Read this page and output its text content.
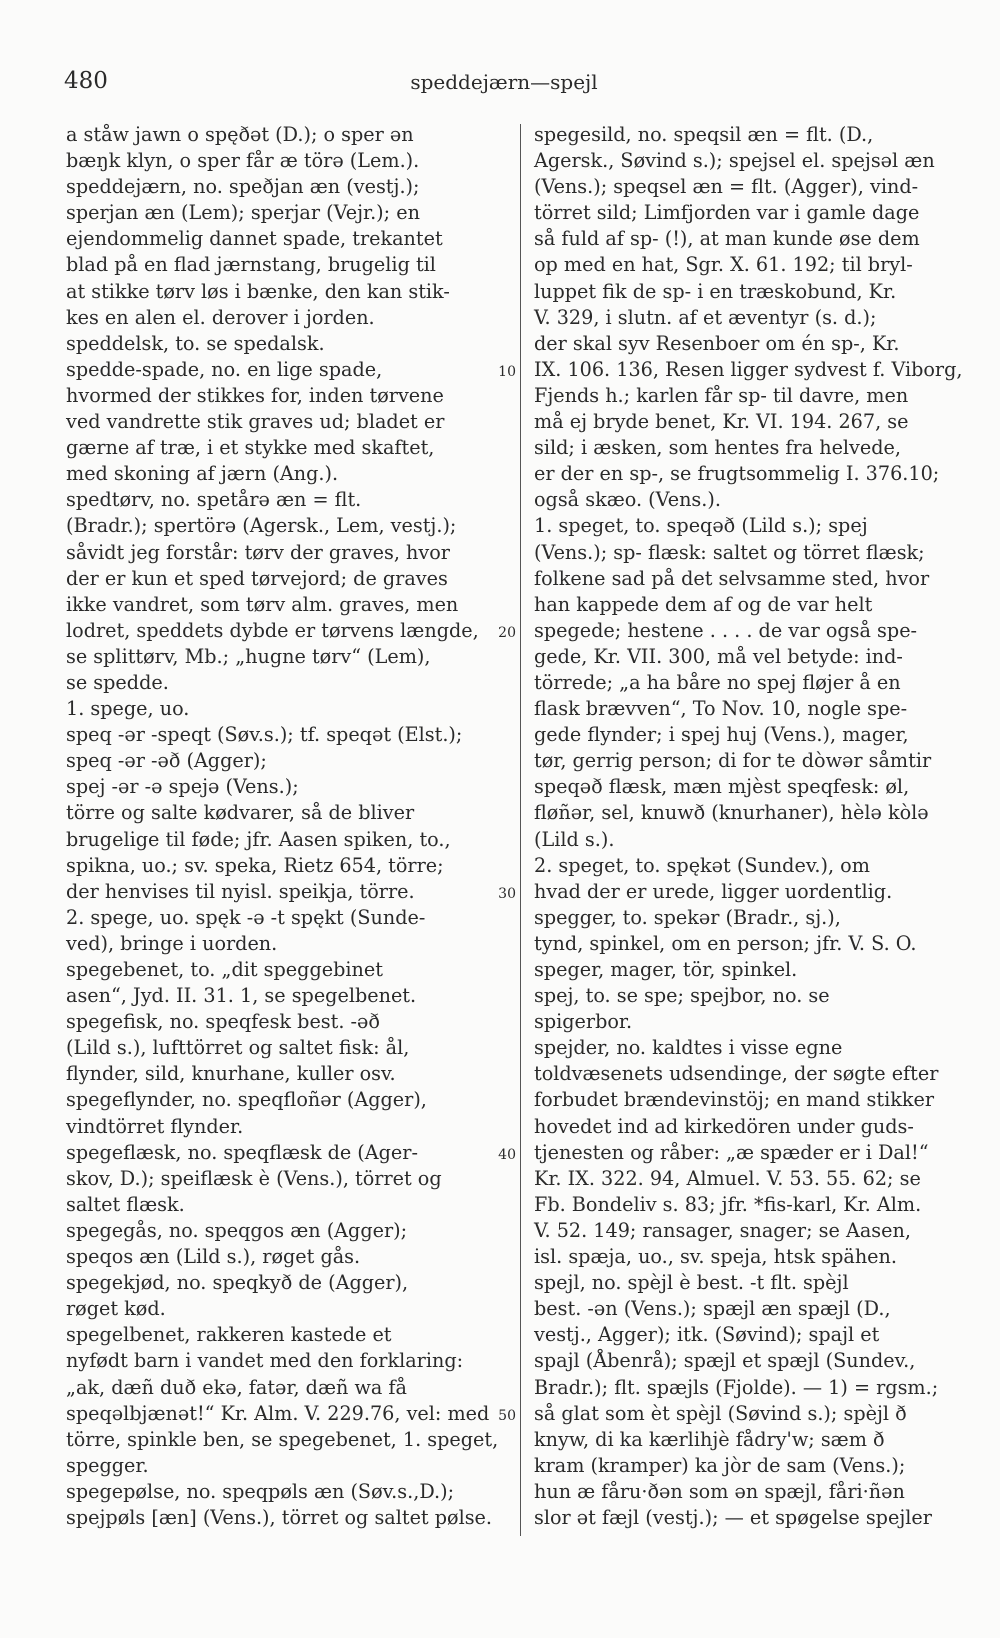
480	speddejærn—spejl
a ståw jawn o spęðət (D.); o sper ən
bæŋk klyn, o sper får æ törə (Lem.).
speddejærn, no. speðjan æn (vestj.);
sperjan æn (Lem); sperjar (Vejr.); en
ejendommelig dannet spade, trekantet
blad på en flad jærnstang, brugelig til
at stikke tørv løs i bænke, den kan stik-
kes en alen el. derover i jorden.
speddelsk, to. se spedalsk.
spedde-spade, no. en lige spade,
hvormed der stikkes for, inden tørvene
ved vandrette stik graves ud; bladet er
gærne af træ, i et stykke med skaftet,
med skoning af jærn (Ang.).
spedtørv, no. spetårə æn = flt.
(Bradr.); spertörə (Agersk., Lem, vestj.);
såvidt jeg forstår: tørv der graves, hvor
der er kun et sped tørvejord; de graves
ikke vandret, som tørv alm. graves, men
lodret, speddets dybde er tørvens længde,
se splittørv, Mb.; „hugne tørv“ (Lem),
se spedde.
1. spege, uo.
speq -ər -speqt (Søv.s.); tf. speqət (Elst.);
speq -ər -əð (Agger);
spej -ər -ə spejə (Vens.);
törre og salte kødvarer, så de bliver
brugelige til føde; jfr. Aasen spiken, to.,
spikna, uo.; sv. speka, Rietz 654, törre;
der henvises til nyisl. speikja, törre.
2. spege, uo. spęk -ə -t spękt (Sunde-
ved), bringe i uorden.
spegebenet, to. „dit speggebinet
asen“, Jyd. II. 31. 1, se spegelbenet.
spegefisk, no. speqfesk best. -əð
(Lild s.), lufttörret og saltet fisk: ål,
flynder, sild, knurhane, kuller osv.
spegeflynder, no. speqfloñər (Agger),
vindtörret flynder.
spegeflæsk, no. speqflæsk de (Ager-
skov, D.); speiflæsk è (Vens.), törret og
saltet flæsk.
spegegås, no. speqgos æn (Agger);
speqos æn (Lild s.), røget gås.
spegekjød, no. speqkyð de (Agger),
røget kød.
spegelbenet, rakkeren kastede et
nyfødt barn i vandet med den forklaring:
„ak, dæñ duð ekə, fatər, dæñ wa få
speqəlbjænət!“ Kr. Alm. V. 229.76, vel: med
törre, spinkle ben, se spegebenet, 1. speget,
spegger.
spegepølse, no. speqpøls æn (Søv.s.,D.);
spejpøls [æn] (Vens.), törret og saltet pølse.
spegesild, no. speqsil æn = flt. (D.,
Agersk., Søvind s.); spejsel el. spejsəl æn
(Vens.); speqsel æn = flt. (Agger), vind-
törret sild; Limfjorden var i gamle dage
så fuld af sp- (!), at man kunde øse dem
op med en hat, Sgr. X. 61. 192; til bryl-
luppet fik de sp- i en træskobund, Kr.
V. 329, i slutn. af et æventyr (s. d.);
der skal syv Resenboer om én sp-, Kr.
IX. 106. 136, Resen ligger sydvest f. Viborg,
Fjends h.; karlen får sp- til davre, men
må ej bryde benet, Kr. VI. 194. 267, se
sild; i æsken, som hentes fra helvede,
er der en sp-, se frugtsommelig I. 376.10;
også skæo. (Vens.).
1. speget, to. speqəð (Lild s.); spej
(Vens.); sp- flæsk: saltet og törret flæsk;
folkene sad på det selvsamme sted, hvor
han kappede dem af og de var helt
spegede; hestene . . . . de var også spe-
gede, Kr. VII. 300, må vel betyde: ind-
törrede; „a ha båre no spej fløjer å en
flask brævven“, To Nov. 10, nogle spe-
gede flynder; i spej huj (Vens.), mager,
tør, gerrig person; di for te dòwər såmtir
speqəð flæsk, mæn mjèst speqfesk: øl,
fløñər, sel, knuwð (knurhaner), hèlə kòlə
(Lild s.).
2. speget, to. spękət (Sundev.), om
hvad der er urede, ligger uordentlig.
spegger, to. spekər (Bradr., sj.),
tynd, spinkel, om en person; jfr. V. S. O.
speger, mager, tör, spinkel.
spej, to. se spe; spejbor, no. se
spigerbor.
spejder, no. kaldtes i visse egne
toldvæsenets udsendinge, der søgte efter
forbudet brændevinstöj; en mand stikker
hovedet ind ad kirkedören under guds-
tjenesten og råber: „æ spæder er i Dal!“
Kr. IX. 322. 94, Almuel. V. 53. 55. 62; se
Fb. Bondeliv s. 83; jfr. *fis-karl, Kr. Alm.
V. 52. 149; ransager, snager; se Aasen,
isl. spæja, uo., sv. speja, htsk spähen.
spejl, no. spèjl è best. -t flt. spèjl
best. -ən (Vens.); spæjl æn spæjl (D.,
vestj., Agger); itk. (Søvind); spajl et
spajl (Åbenrå); spæjl et spæjl (Sundev.,
Bradr.); flt. spæjls (Fjolde). — 1) = rgsm.;
så glat som èt spèjl (Søvind s.); spèjl ð
knyw, di ka kærlihjè fådry'w; sæm ð
kram (kramper) ka jòr de sam (Vens.);
hun æ fåru·ðən som ən spæjl, fåri·ñən
slor ət fæjl (vestj.); — et spøgelse spejler
10
20
30
40
50
